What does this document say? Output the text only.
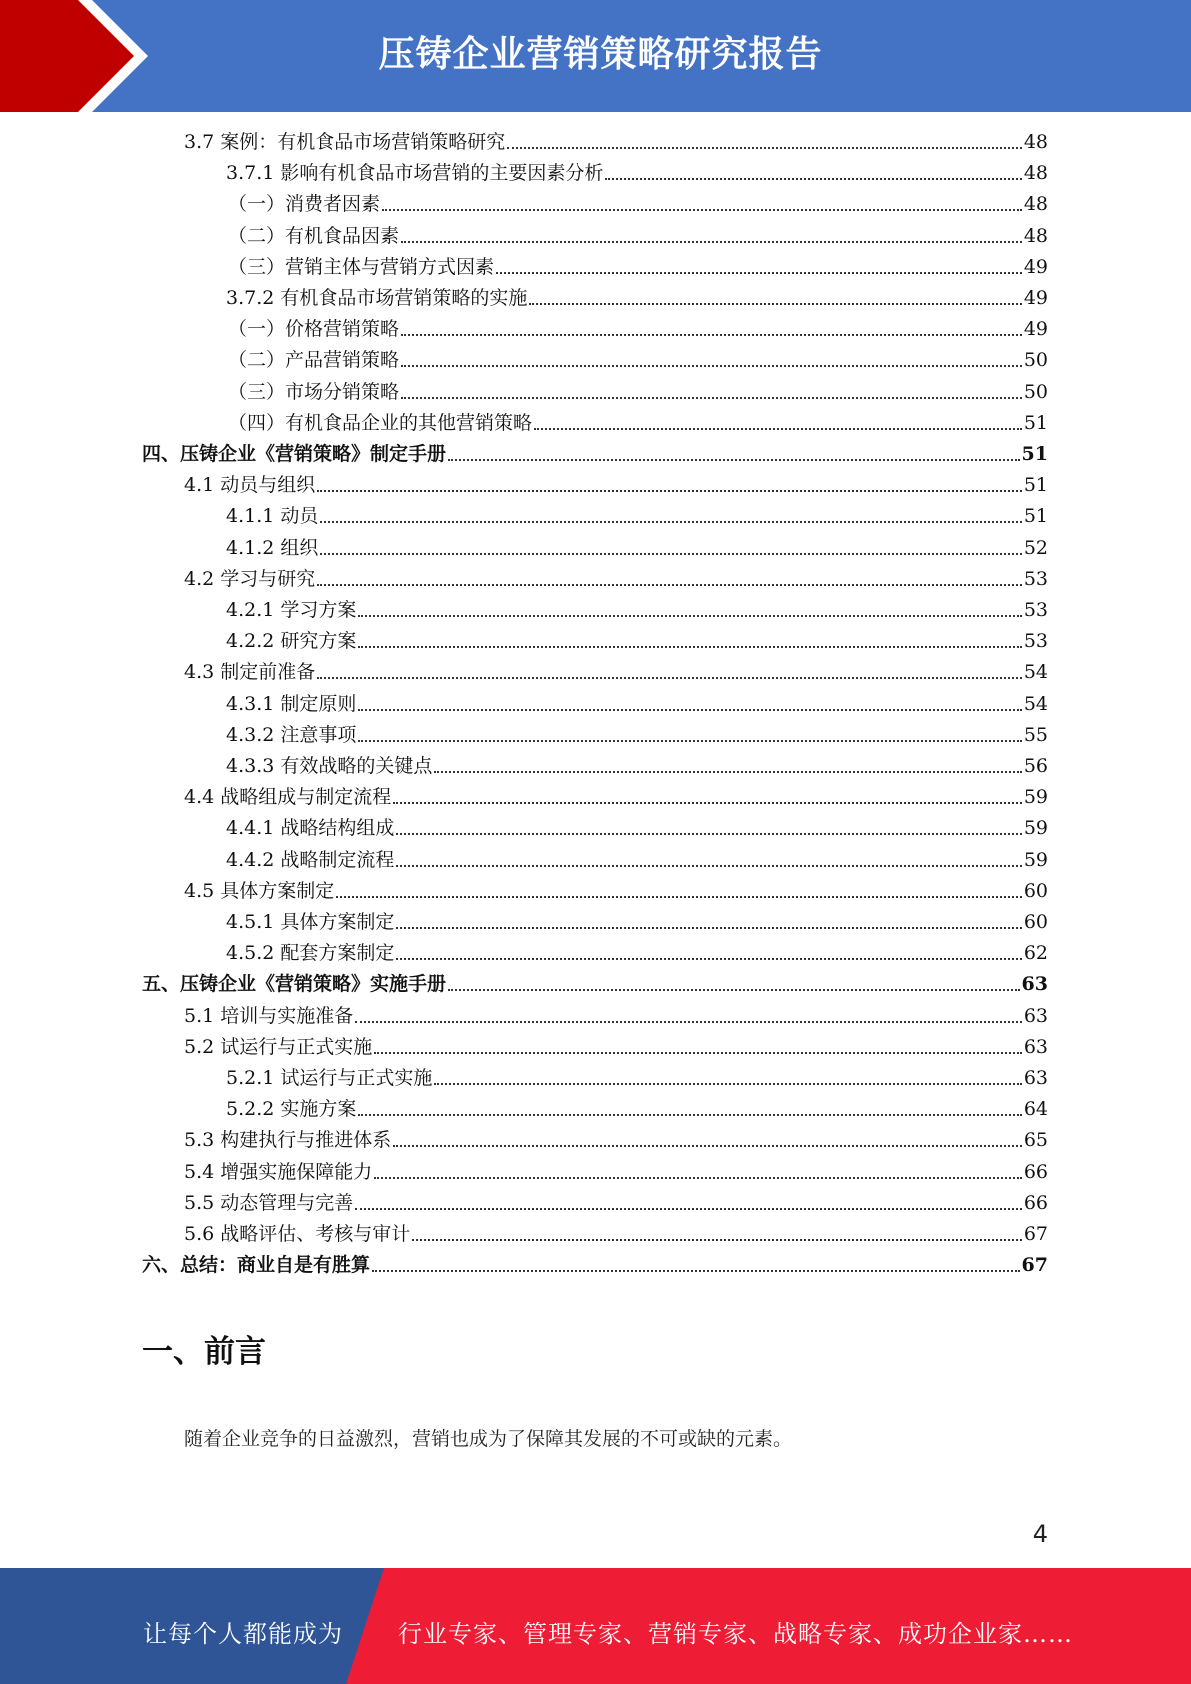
压铸企业营销策略研究报告
3.7 案例：有机食品市场营销策略研究	48
3.7.1 影响有机食品市场营销的主要因素分析	48
（一）消费者因素	48
（二）有机食品因素	48
（三）营销主体与营销方式因素	49
3.7.2 有机食品市场营销策略的实施	49
（一）价格营销策略	49
（二）产品营销策略	50
（三）市场分销策略	50
（四）有机食品企业的其他营销策略	51
四、压铸企业《营销策略》制定手册	51
4.1 动员与组织	51
4.1.1 动员	51
4.1.2 组织	52
4.2 学习与研究	53
4.2.1 学习方案	53
4.2.2 研究方案	53
4.3 制定前准备	54
4.3.1 制定原则	54
4.3.2 注意事项	55
4.3.3 有效战略的关键点	56
4.4 战略组成与制定流程	59
4.4.1 战略结构组成	59
4.4.2 战略制定流程	59
4.5 具体方案制定	60
4.5.1 具体方案制定	60
4.5.2 配套方案制定	62
五、压铸企业《营销策略》实施手册	63
5.1 培训与实施准备	63
5.2 试运行与正式实施	63
5.2.1 试运行与正式实施	63
5.2.2 实施方案	64
5.3 构建执行与推进体系	65
5.4 增强实施保障能力	66
5.5 动态管理与完善	66
5.6 战略评估、考核与审计	67
六、总结：商业自是有胜算	67
一、前言
随着企业竞争的日益激烈，营销也成为了保障其发展的不可或缺的元素。
4
让每个人都能成为 行业专家、管理专家、营销专家、战略专家、成功企业家……
